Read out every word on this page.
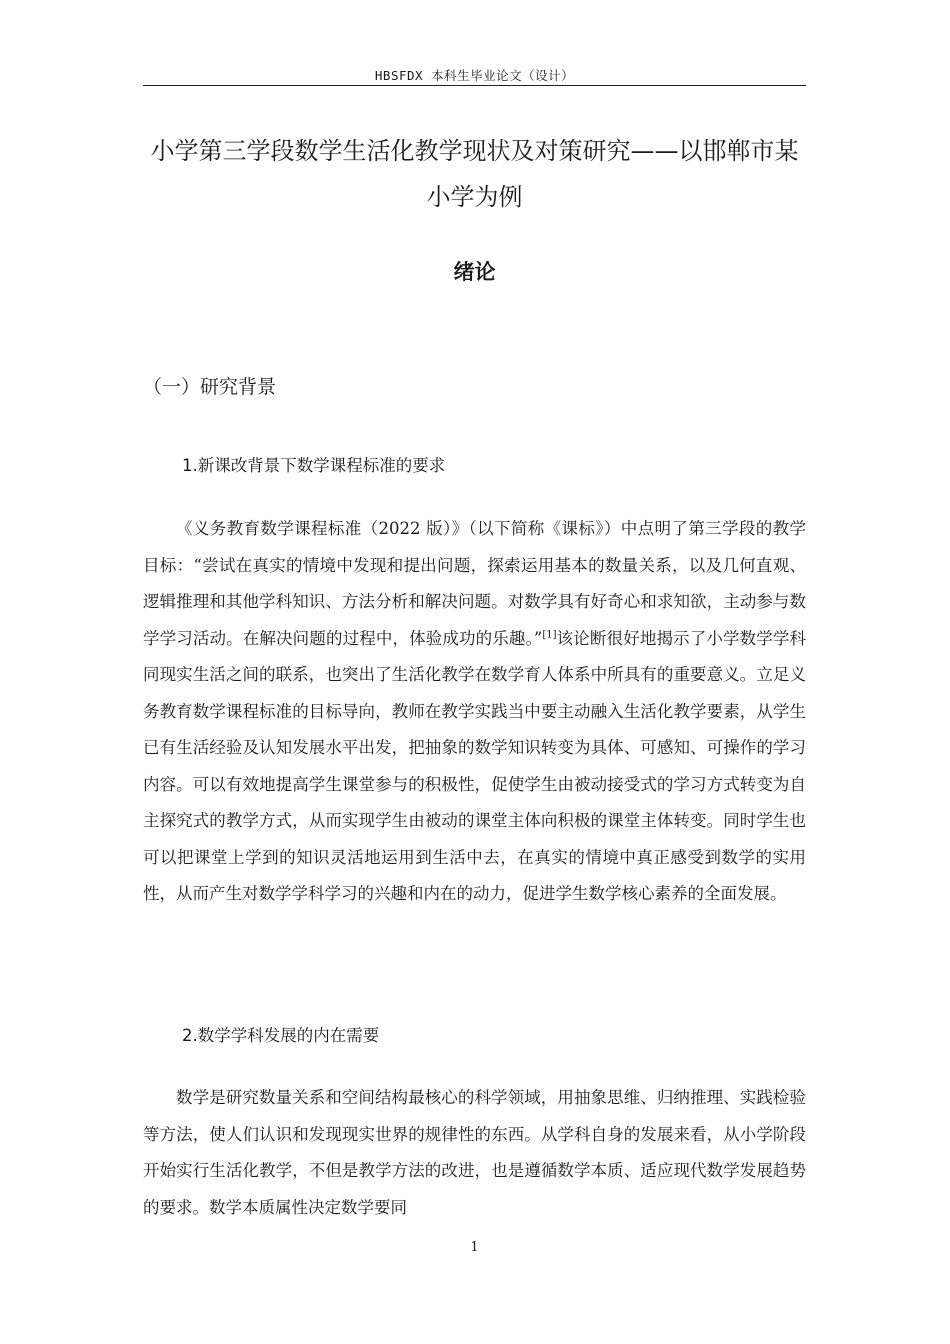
HBSFDX 本科生毕业论文（设计）
小学第三学段数学生活化教学现状及对策研究——以邯郸市某小学为例
绪论
（一）研究背景
1.新课改背景下数学课程标准的要求

《义务教育数学课程标准（2022 版）》（以下简称《课标》）中点明了第三学段的教学目标：“尝试在真实的情境中发现和提出问题，探索运用基本的数量关系，以及几何直观、逻辑推理和其他学科知识、方法分析和解决问题。对数学具有好奇心和求知欲，主动参与数学学习活动。在解决问题的过程中，体验成功的乐趣。”[1]该论断很好地揭示了小学数学学科同现实生活之间的联系，也突出了生活化教学在数学育人体系中所具有的重要意义。立足义务教育数学课程标准的目标导向，教师在教学实践当中要主动融入生活化教学要素，从学生已有生活经验及认知发展水平出发，把抽象的数学知识转变为具体、可感知、可操作的学习内容。可以有效地提高学生课堂参与的积极性，促使学生由被动接受式的学习方式转变为自主探究式的教学方式，从而实现学生由被动的课堂主体向积极的课堂主体转变。同时学生也可以把课堂上学到的知识灵活地运用到生活中去，在真实的情境中真正感受到数学的实用性，从而产生对数学学科学习的兴趣和内在的动力，促进学生数学核心素养的全面发展。

2.数学学科发展的内在需要

数学是研究数量关系和空间结构最核心的科学领域，用抽象思维、归纳推理、实践检验等方法，使人们认识和发现现实世界的规律性的东西。从学科自身的发展来看，从小学阶段开始实行生活化教学，不但是教学方法的改进，也是遵循数学本质、适应现代数学发展趋势的要求。数学本质属性决定数学要同

1
